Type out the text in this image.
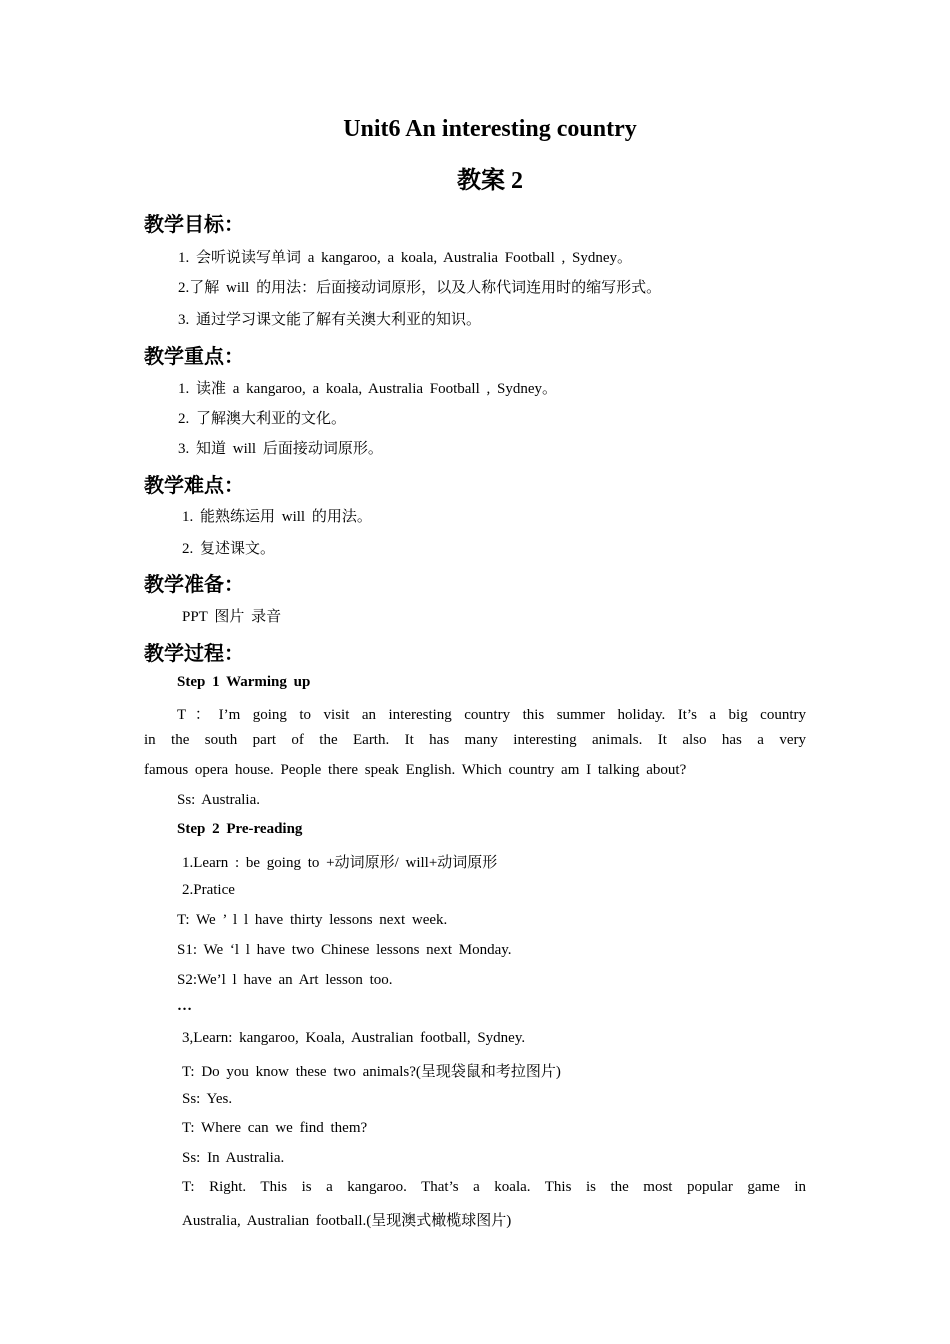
Unit6 An interesting country
教案 2
教学目标：
1. 会听说读写单词 a kangaroo, a koala, Australia Football , Sydney。
2.了解 will 的用法：后面接动词原形，以及人称代词连用时的缩写形式。
3. 通过学习课文能了解有关澳大利亚的知识。
教学重点：
1. 读准 a kangaroo, a koala, Australia Football , Sydney。
2. 了解澳大利亚的文化。
3. 知道 will 后面接动词原形。
教学难点：
1. 能熟练运用 will 的用法。
2. 复述课文。
教学准备：
PPT 图片 录音
教学过程：
Step 1 Warming up
T：I’m going to visit an interesting country this summer holiday. It’s a big country
in the south part of the Earth. It has many interesting animals. It also has a very
famous opera house. People there speak English. Which country am I talking about?
Ss: Australia.
Step 2 Pre-reading
1.Learn : be going to +动词原形/ will+动词原形
2.Pratice
T: We ’ l l have thirty lessons next week.
S1: We ‘l l have two Chinese lessons next Monday.
S2:We’l l have an Art lesson too.
…
3,Learn: kangaroo, Koala, Australian football, Sydney.
T: Do you know these two animals?(呈现袋鼠和考拉图片)
Ss: Yes.
T: Where can we find them?
Ss: In Australia.
T: Right. This is a kangaroo. That’s a koala. This is the most popular game in
Australia, Australian football.(呈现澳式橄榄球图片)
